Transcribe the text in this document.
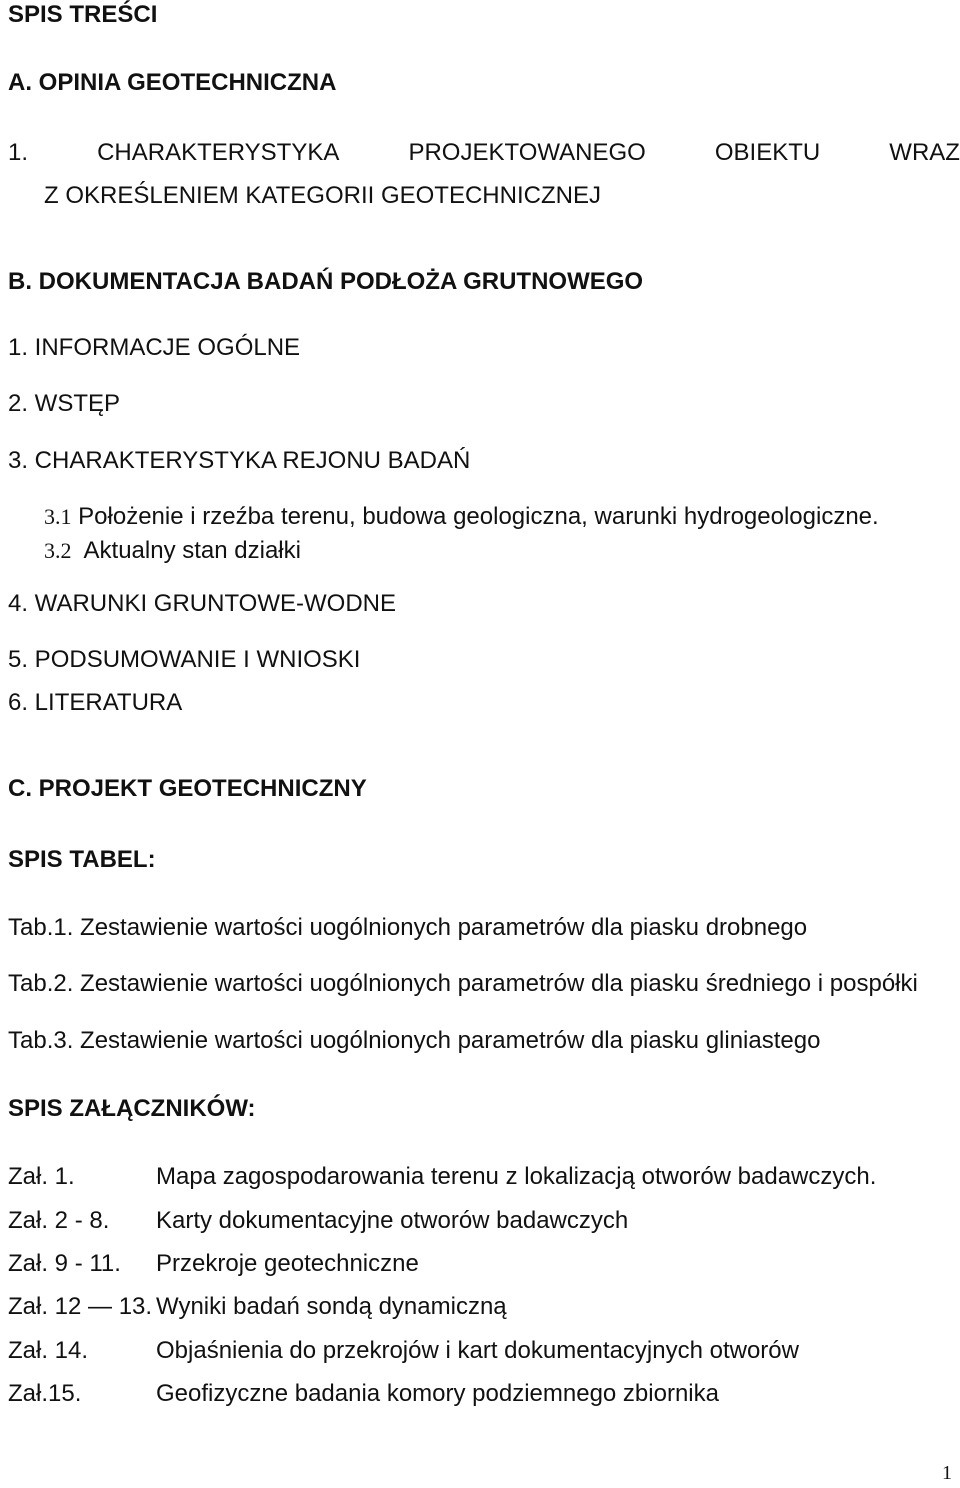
SPIS TREŚCI
A. OPINIA GEOTECHNICZNA
1.	CHARAKTERYSTYKA	PROJEKTOWANEGO	OBIEKTU	WRAZ
Z OKREŚLENIEM KATEGORII GEOTECHNICZNEJ
B. DOKUMENTACJA BADAŃ PODŁOŻA GRUTNOWEGO
1. INFORMACJE OGÓLNE
2. WSTĘP
3. CHARAKTERYSTYKA REJONU BADAŃ
3.1 Położenie i rzeźba terenu, budowa geologiczna, warunki hydrogeologiczne.
3.2  Aktualny stan działki
4. WARUNKI GRUNTOWE-WODNE
5. PODSUMOWANIE I WNIOSKI
6. LITERATURA
C. PROJEKT GEOTECHNICZNY
SPIS TABEL:
Tab.1. Zestawienie wartości uogólnionych parametrów dla piasku drobnego
Tab.2. Zestawienie wartości uogólnionych parametrów dla piasku średniego i pospółki
Tab.3. Zestawienie wartości uogólnionych parametrów dla piasku gliniastego
SPIS ZAŁĄCZNIKÓW:
Zał. 1.	Mapa zagospodarowania terenu z lokalizacją otworów badawczych.
Zał. 2 - 8. Karty dokumentacyjne otworów badawczych
Zał. 9 - 11. Przekroje geotechniczne
Zał. 12 — 13. Wyniki badań sondą dynamiczną
Zał. 14.	Objaśnienia do przekrojów i kart dokumentacyjnych otworów
Zał.15.	Geofizyczne badania komory podziemnego zbiornika
1
